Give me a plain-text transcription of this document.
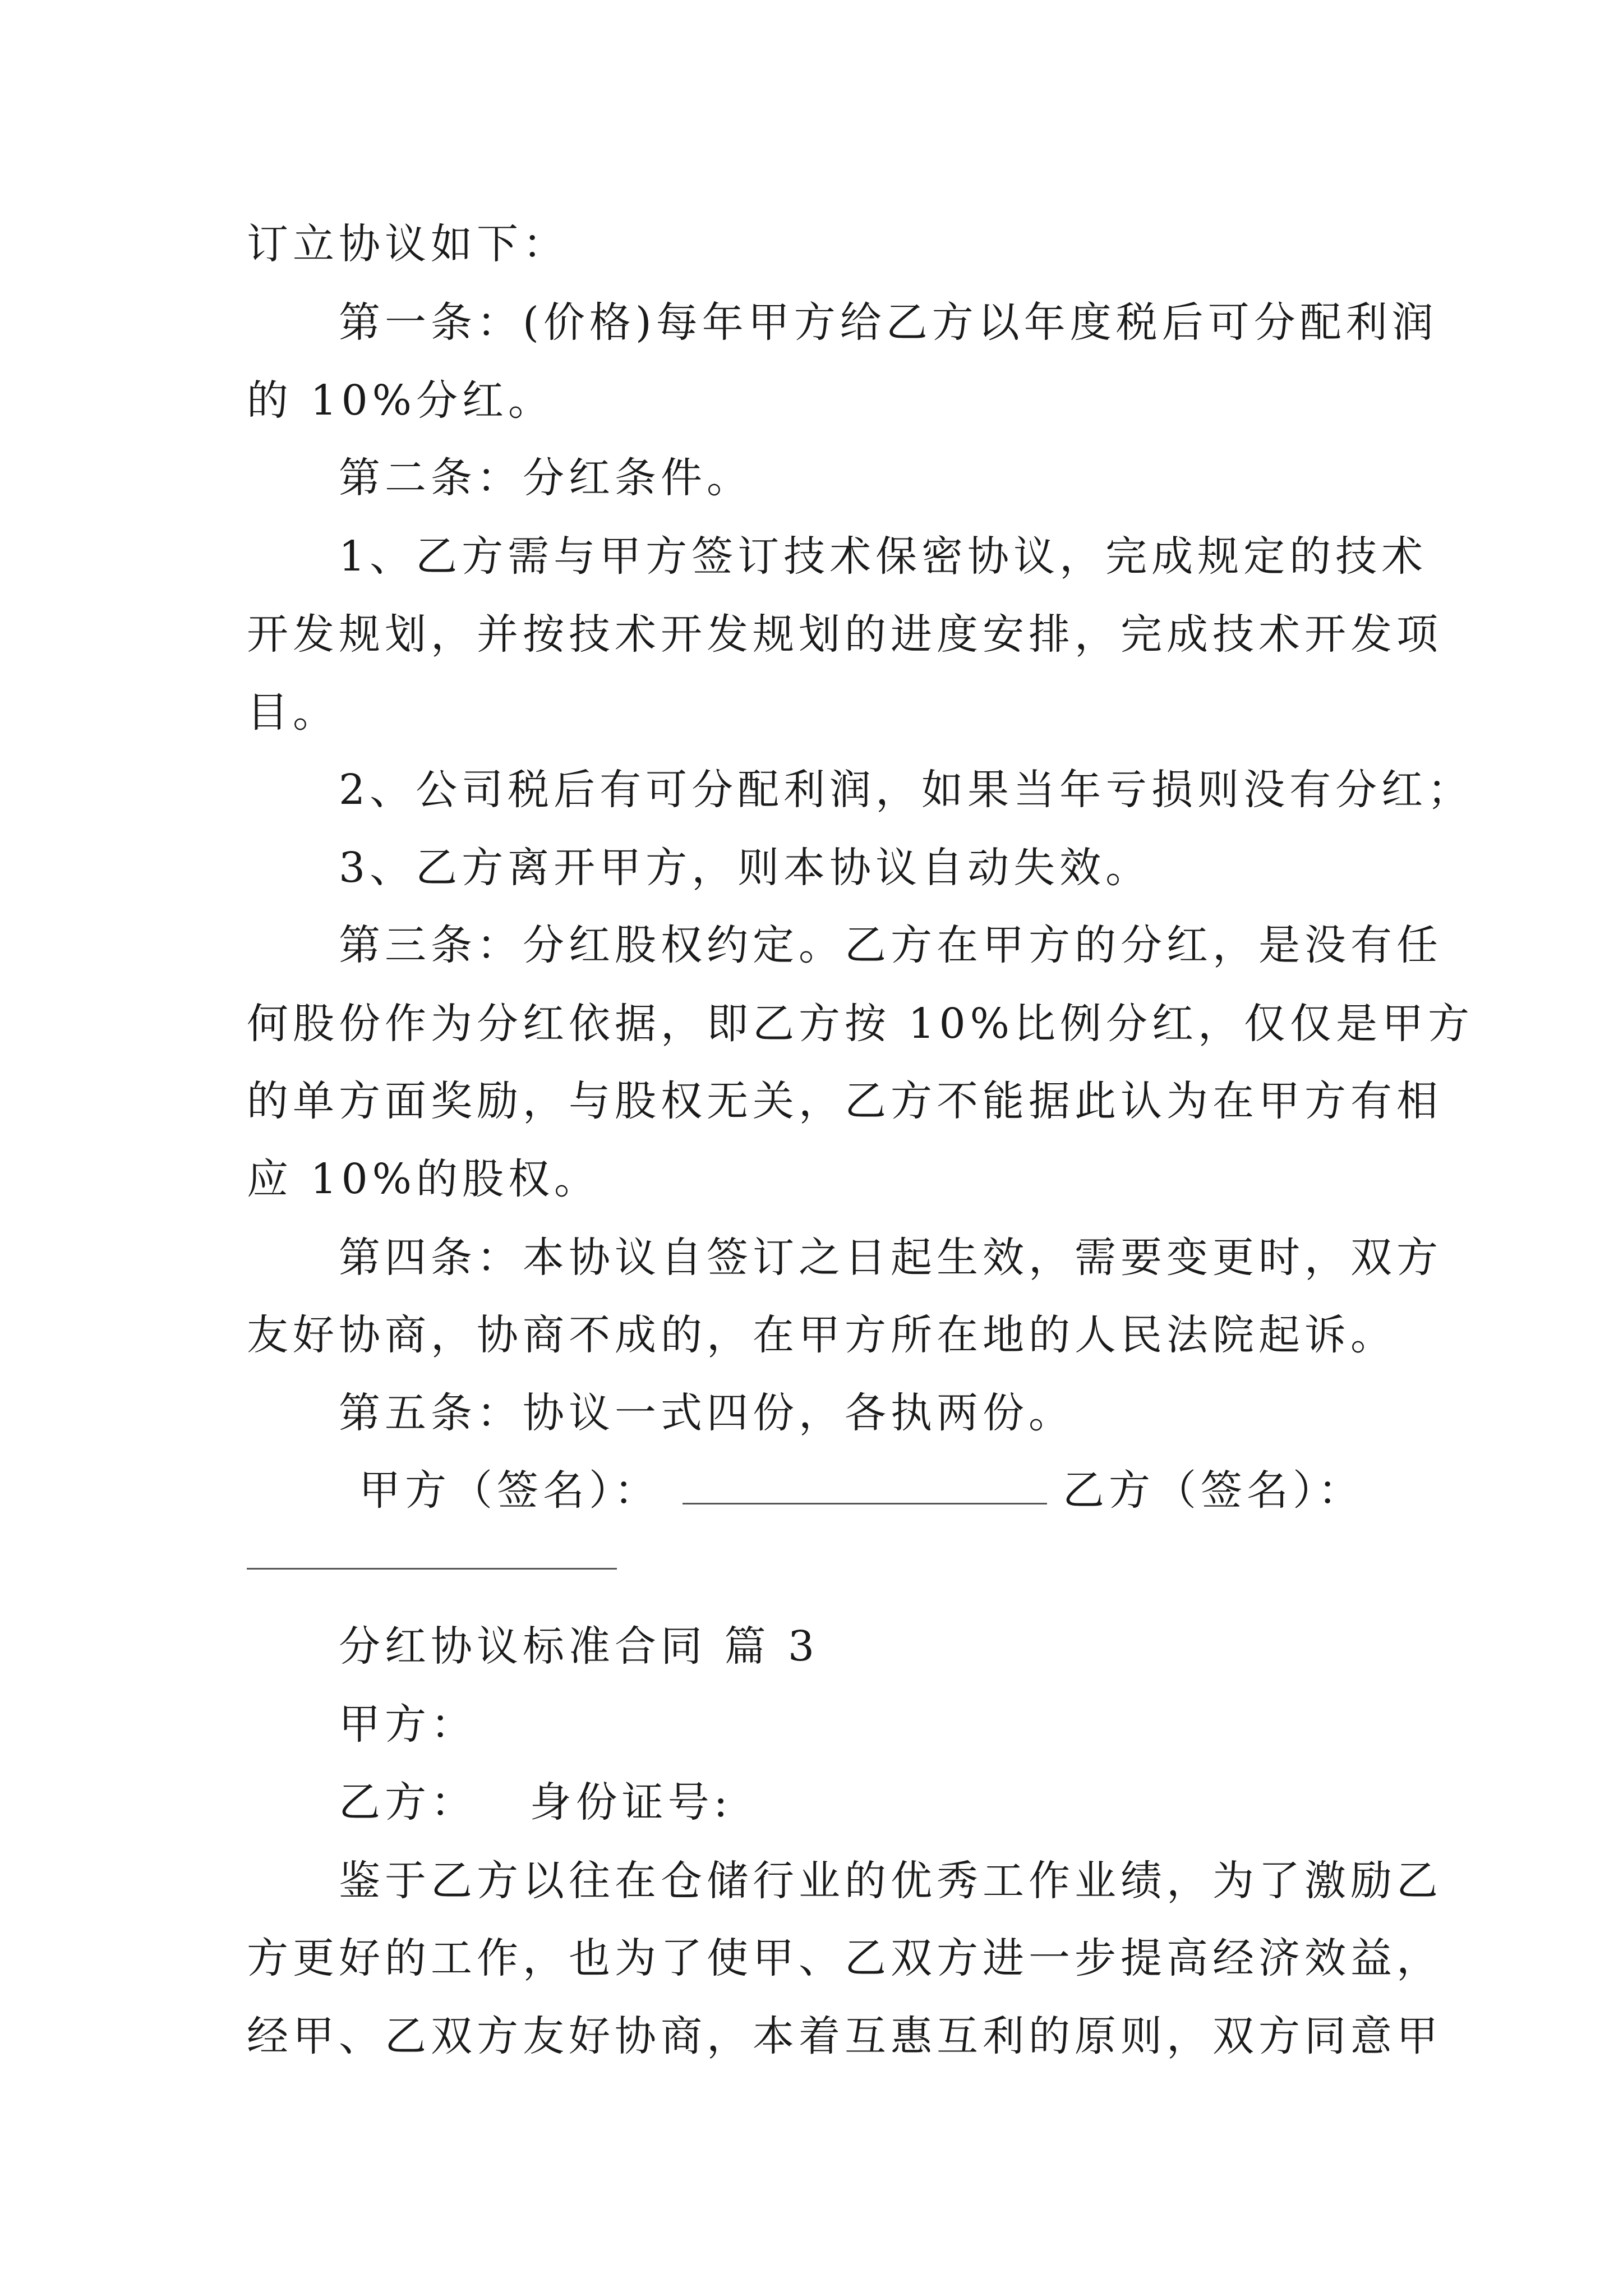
订立协议如下：
第一条：(价格)每年甲方给乙方以年度税后可分配利润
的 10%分红。
第二条：分红条件。
1、乙方需与甲方签订技术保密协议，完成规定的技术
开发规划，并按技术开发规划的进度安排，完成技术开发项
目。
2、公司税后有可分配利润，如果当年亏损则没有分红；
3、乙方离开甲方，则本协议自动失效。
第三条：分红股权约定。乙方在甲方的分红，是没有任
何股份作为分红依据，即乙方按 10%比例分红，仅仅是甲方
的单方面奖励，与股权无关，乙方不能据此认为在甲方有相
应 10%的股权。
第四条：本协议自签订之日起生效，需要变更时，双方
友好协商，协商不成的，在甲方所在地的人民法院起诉。
第五条：协议一式四份，各执两份。
甲方（签名）：	乙方（签名）：
分红协议标准合同 篇 3
甲方：
乙方：   身份证号:
鉴于乙方以往在仓储行业的优秀工作业绩，为了激励乙
方更好的工作，也为了使甲、乙双方进一步提高经济效益，
经甲、乙双方友好协商，本着互惠互利的原则，双方同意甲
